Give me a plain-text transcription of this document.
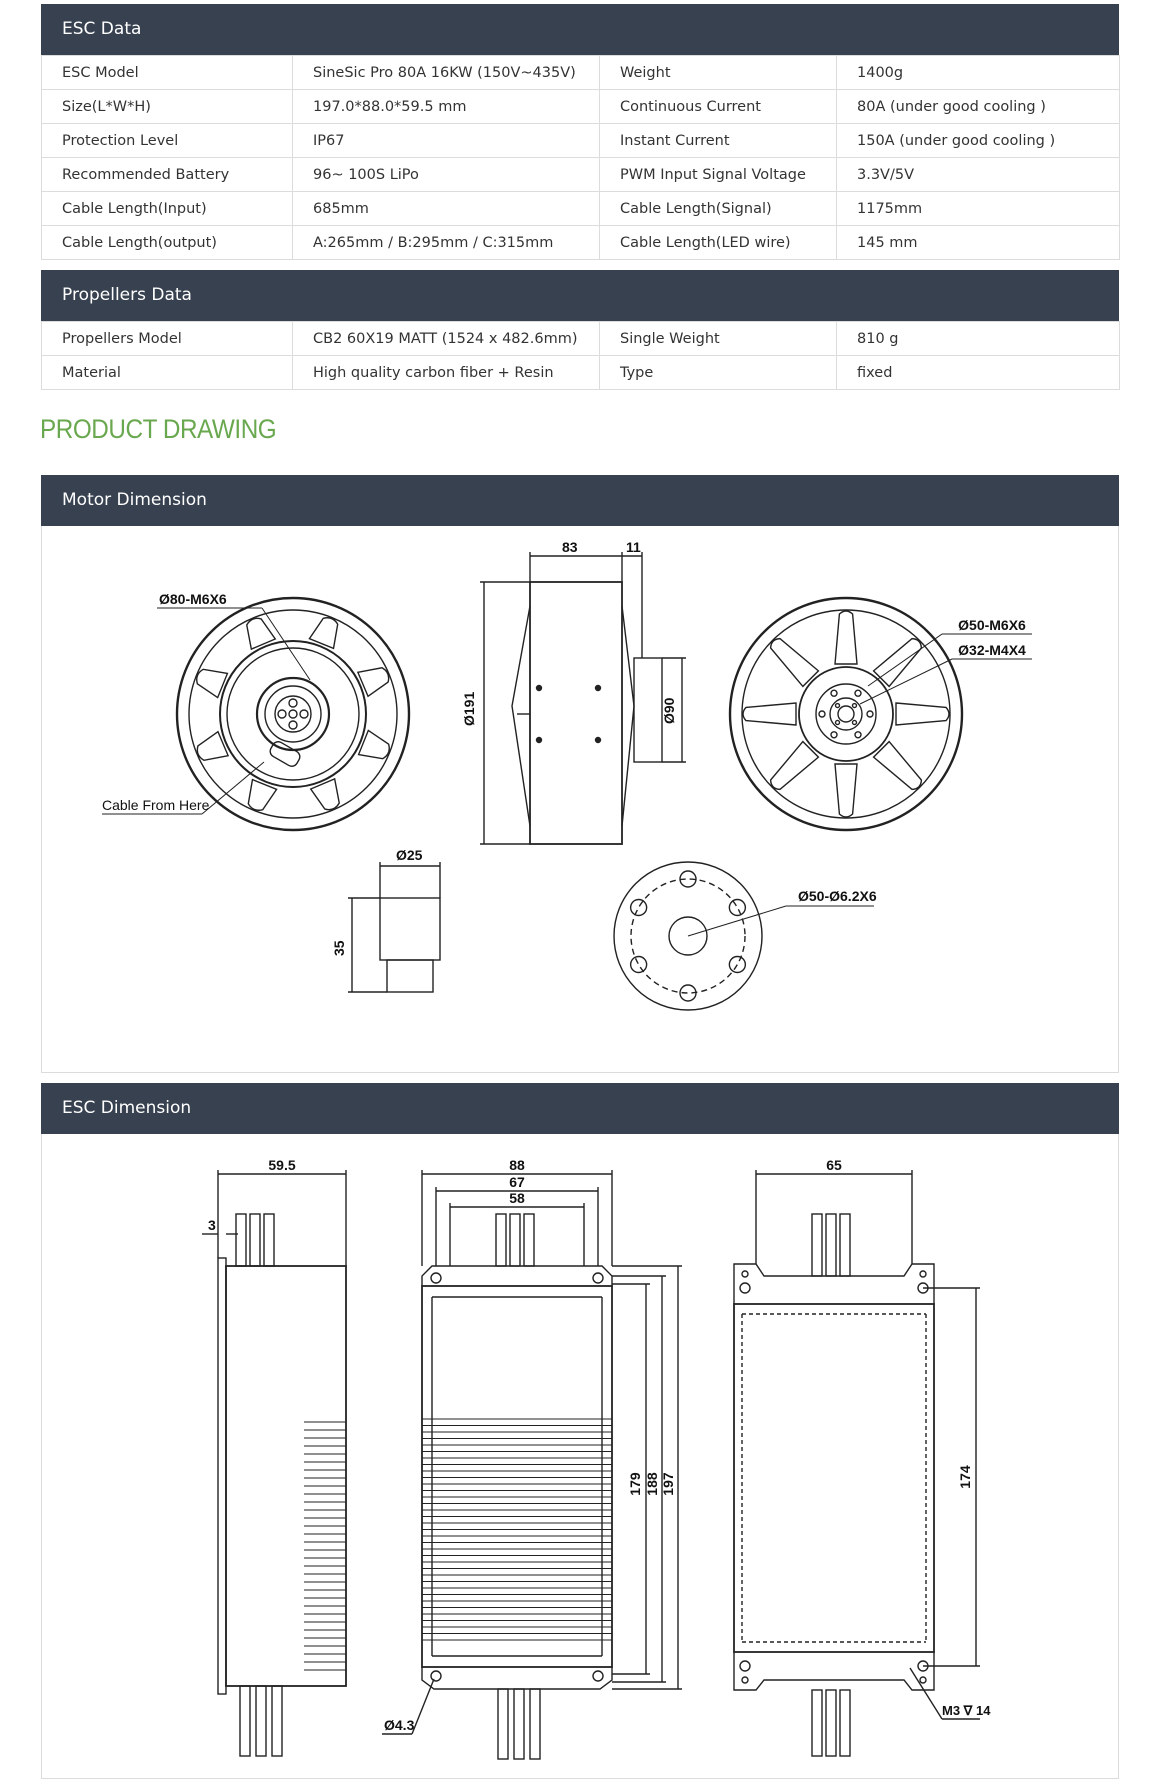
ESC Data
ESC Model	SineSic Pro 80A 16KW (150V~435V)	Weight	1400g
Size(L*W*H)	197.0*88.0*59.5 mm	Continuous Current	80A (under good cooling )
Protection Level	IP67	Instant Current	150A (under good cooling )
Recommended Battery	96~ 100S LiPo	PWM Input Signal Voltage	3.3V/5V
Cable Length(Input)	685mm	Cable Length(Signal)	1175mm
Cable Length(output)	A:265mm / B:295mm / C:315mm	Cable Length(LED wire)	145 mm
Propellers Data
Propellers Model	CB2 60X19 MATT (1524 x 482.6mm)	Single Weight	810 g
Material	High quality carbon fiber + Resin	Type	fixed
PRODUCT DRAWING
Motor Dimension
Ø80-M6X6
Cable From Here
83	11
Ø191	Ø90
Ø50-M6X6
Ø32-M4X4
Ø25
35
Ø50-Ø6.2X6
ESC Dimension
59.5
3
88
67
58
179 188 197
Ø4.3
65
174
M3 ∇ 14
